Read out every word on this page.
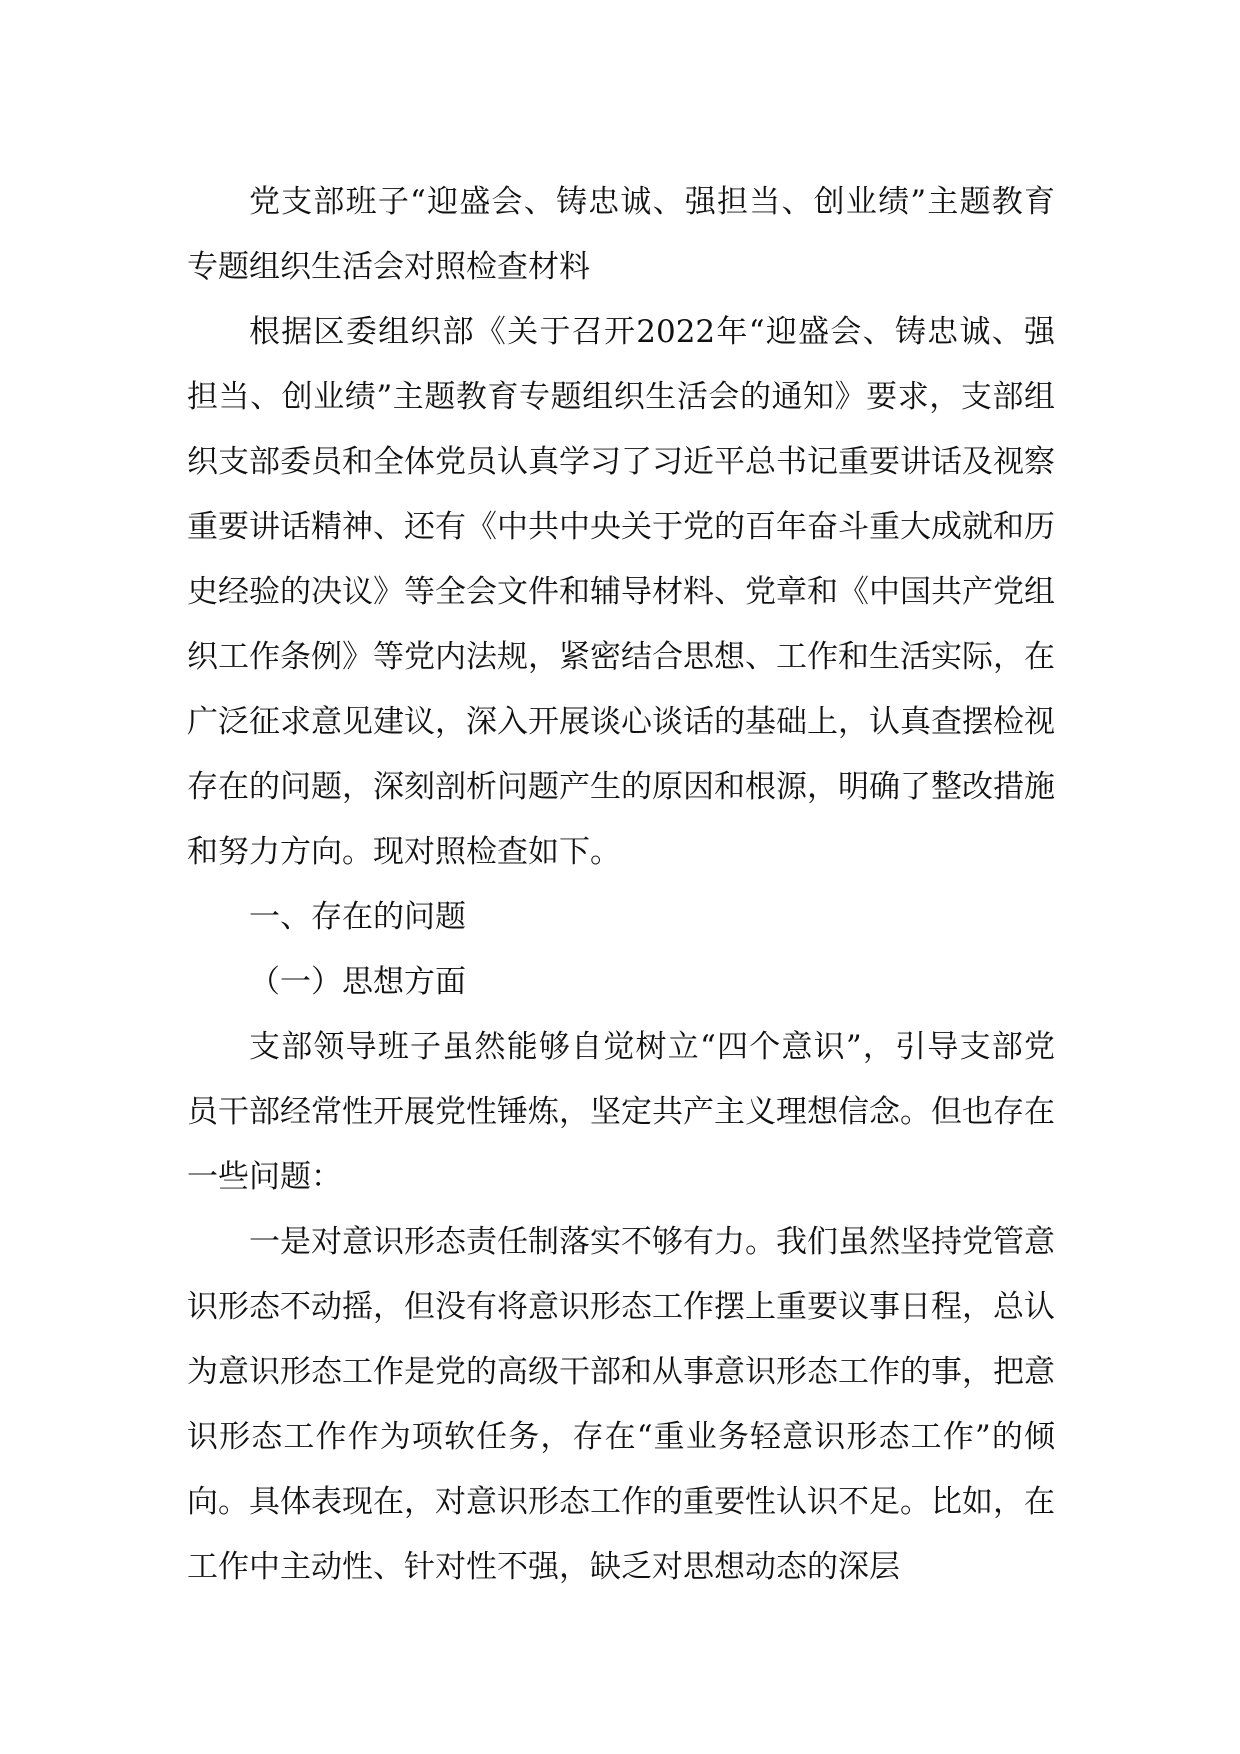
党支部班子“迎盛会、铸忠诚、强担当、创业绩”主题教育专题组织生活会对照检查材料

根据区委组织部《关于召开2022年“迎盛会、铸忠诚、强担当、创业绩”主题教育专题组织生活会的通知》要求，支部组织支部委员和全体党员认真学习了习近平总书记重要讲话及视察重要讲话精神、还有《中共中央关于党的百年奋斗重大成就和历史经验的决议》等全会文件和辅导材料、党章和《中国共产党组织工作条例》等党内法规，紧密结合思想、工作和生活实际，在广泛征求意见建议，深入开展谈心谈话的基础上，认真查摆检视存在的问题，深刻剖析问题产生的原因和根源，明确了整改措施和努力方向。现对照检查如下。

一、存在的问题

（一）思想方面

支部领导班子虽然能够自觉树立“四个意识”，引导支部党员干部经常性开展党性锤炼，坚定共产主义理想信念。但也存在一些问题：

一是对意识形态责任制落实不够有力。我们虽然坚持党管意识形态不动摇，但没有将意识形态工作摆上重要议事日程，总认为意识形态工作是党的高级干部和从事意识形态工作的事，把意识形态工作作为项软任务，存在“重业务轻意识形态工作”的倾向。具体表现在，对意识形态工作的重要性认识不足。比如，在工作中主动性、针对性不强，缺乏对思想动态的深层
